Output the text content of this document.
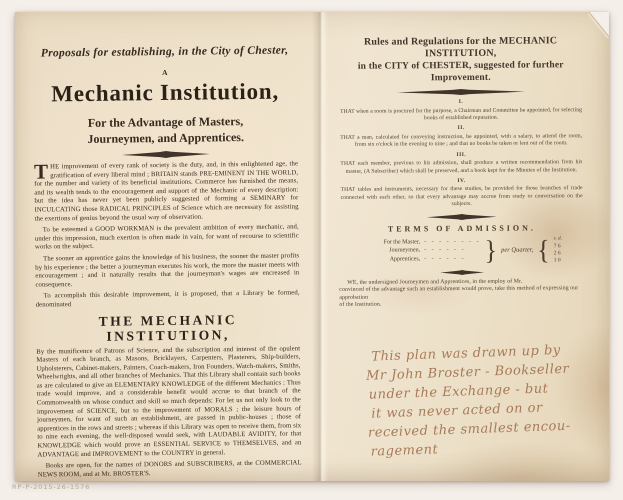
Proposals for establishing, in the City of Chester,
A
Mechanic Institution,
For the Advantage of Masters, Journeymen, and Apprentices.

THE improvement of every rank of society is the duty, and, in this enlightened age, the gratification of every liberal mind ; BRITAIN stands PRE-EMINENT IN THE WORLD, for the number and variety of its beneficial institutions. Commerce has furnished the means, and its wealth tends to the encouragement and support of the Mechanic of every description: but the idea has never yet been publicly suggested of forming a SEMINARY for INCULCATING those RADICAL PRINCIPLES of Science which are necessary for assisting the exertions of genius beyond the usual way of observation.

To be esteemed a GOOD WORKMAN is the prevalent ambition of every mechanic, and, under this impression, much exertion is often made in vain, for want of recourse to scientific works on the subject.

The sooner an apprentice gains the knowledge of his business, the sooner the master profits by his experience ; the better a journeyman executes his work, the more the master meets with encouragement ; and it naturally results that the journeyman's wages are encreased in consequence.

To accomplish this desirable improvement, it is proposed, that a Library be formed, denominated

THE MECHANIC INSTITUTION,

By the munificence of Patrons of Science, and the subscription and interest of the opulent Masters of each branch, as Masons, Bricklayers, Carpenters, Plasterers, Ship-builders, Upholsterers, Cabinet-makers, Painters, Coach-makers, Iron Founders, Watch-makers, Smiths, Wheelwrights, and all other branches of Mechanics. That this Library shall contain such books as are calculated to give an ELEMENTARY KNOWLEDGE of the different Mechanics : Thus trade would improve, and a considerable benefit would accrue to that branch of the Commonwealth on whose conduct and skill so much depends: For let us not only look to the improvement of SCIENCE, but to the improvement of MORALS ; the leisure hours of journeymen, for want of such an establishment, are passed in public-houses ; those of apprentices in the rows and streets ; whereas if this Library was open to receive them, from six to nine each evening, the well-disposed would seek, with LAUDABLE AVIDITY, for that KNOWLEDGE which would prove an ESSENTIAL SERVICE to THEMSELVES, and an ADVANTAGE and IMPROVEMENT to the COUNTRY in general.

Books are open, for the names of DONORS and SUBSCRIBERS, at the COMMERCIAL NEWS ROOM, and at Mr. BROSTER'S.

Rules and Regulations for the MECHANIC INSTITUTION,
in the CITY of CHESTER, suggested for further Improvement.
I.
THAT when a room is procured for the purpose, a Chairman and Committee be appointed, for selecting books of established reputation.
II.
THAT a man, calculated for conveying instruction, be appointed, with a salary, to attend the room, from six o'clock in the evening to nine ; and that no books be taken or lent out of the room.
III.
THAT each member, previous to his admission, shall produce a written recommendation from his master, (A Subscriber) which shall be preserved, and a book kept for the Minutes of the Institution.
IV.
THAT tables and instruments, necessary for these studies, be provided for those branches of trade connected with each other, so that every advantage may accrue from study or conversation on the subjects.
TERMS OF ADMISSION.
For the Master, - - - - - - - -
Journeymen, - - - - - -
Apprentices, - - - - - - } per Quarter, { s. d.
7 6
2 6
1 0
WE, the undersigned Journeymen and Apprentices, in the employ of Mr.
convinced of the advantage such an establishment would prove, take this method of expressing our approbation
of the Institution.
This plan was drawn up by
Mr John Broster - Bookseller
under the Exchange - but
it was never acted on or
received the smallest encou-
ragement
RP-P-2015-26-1576
